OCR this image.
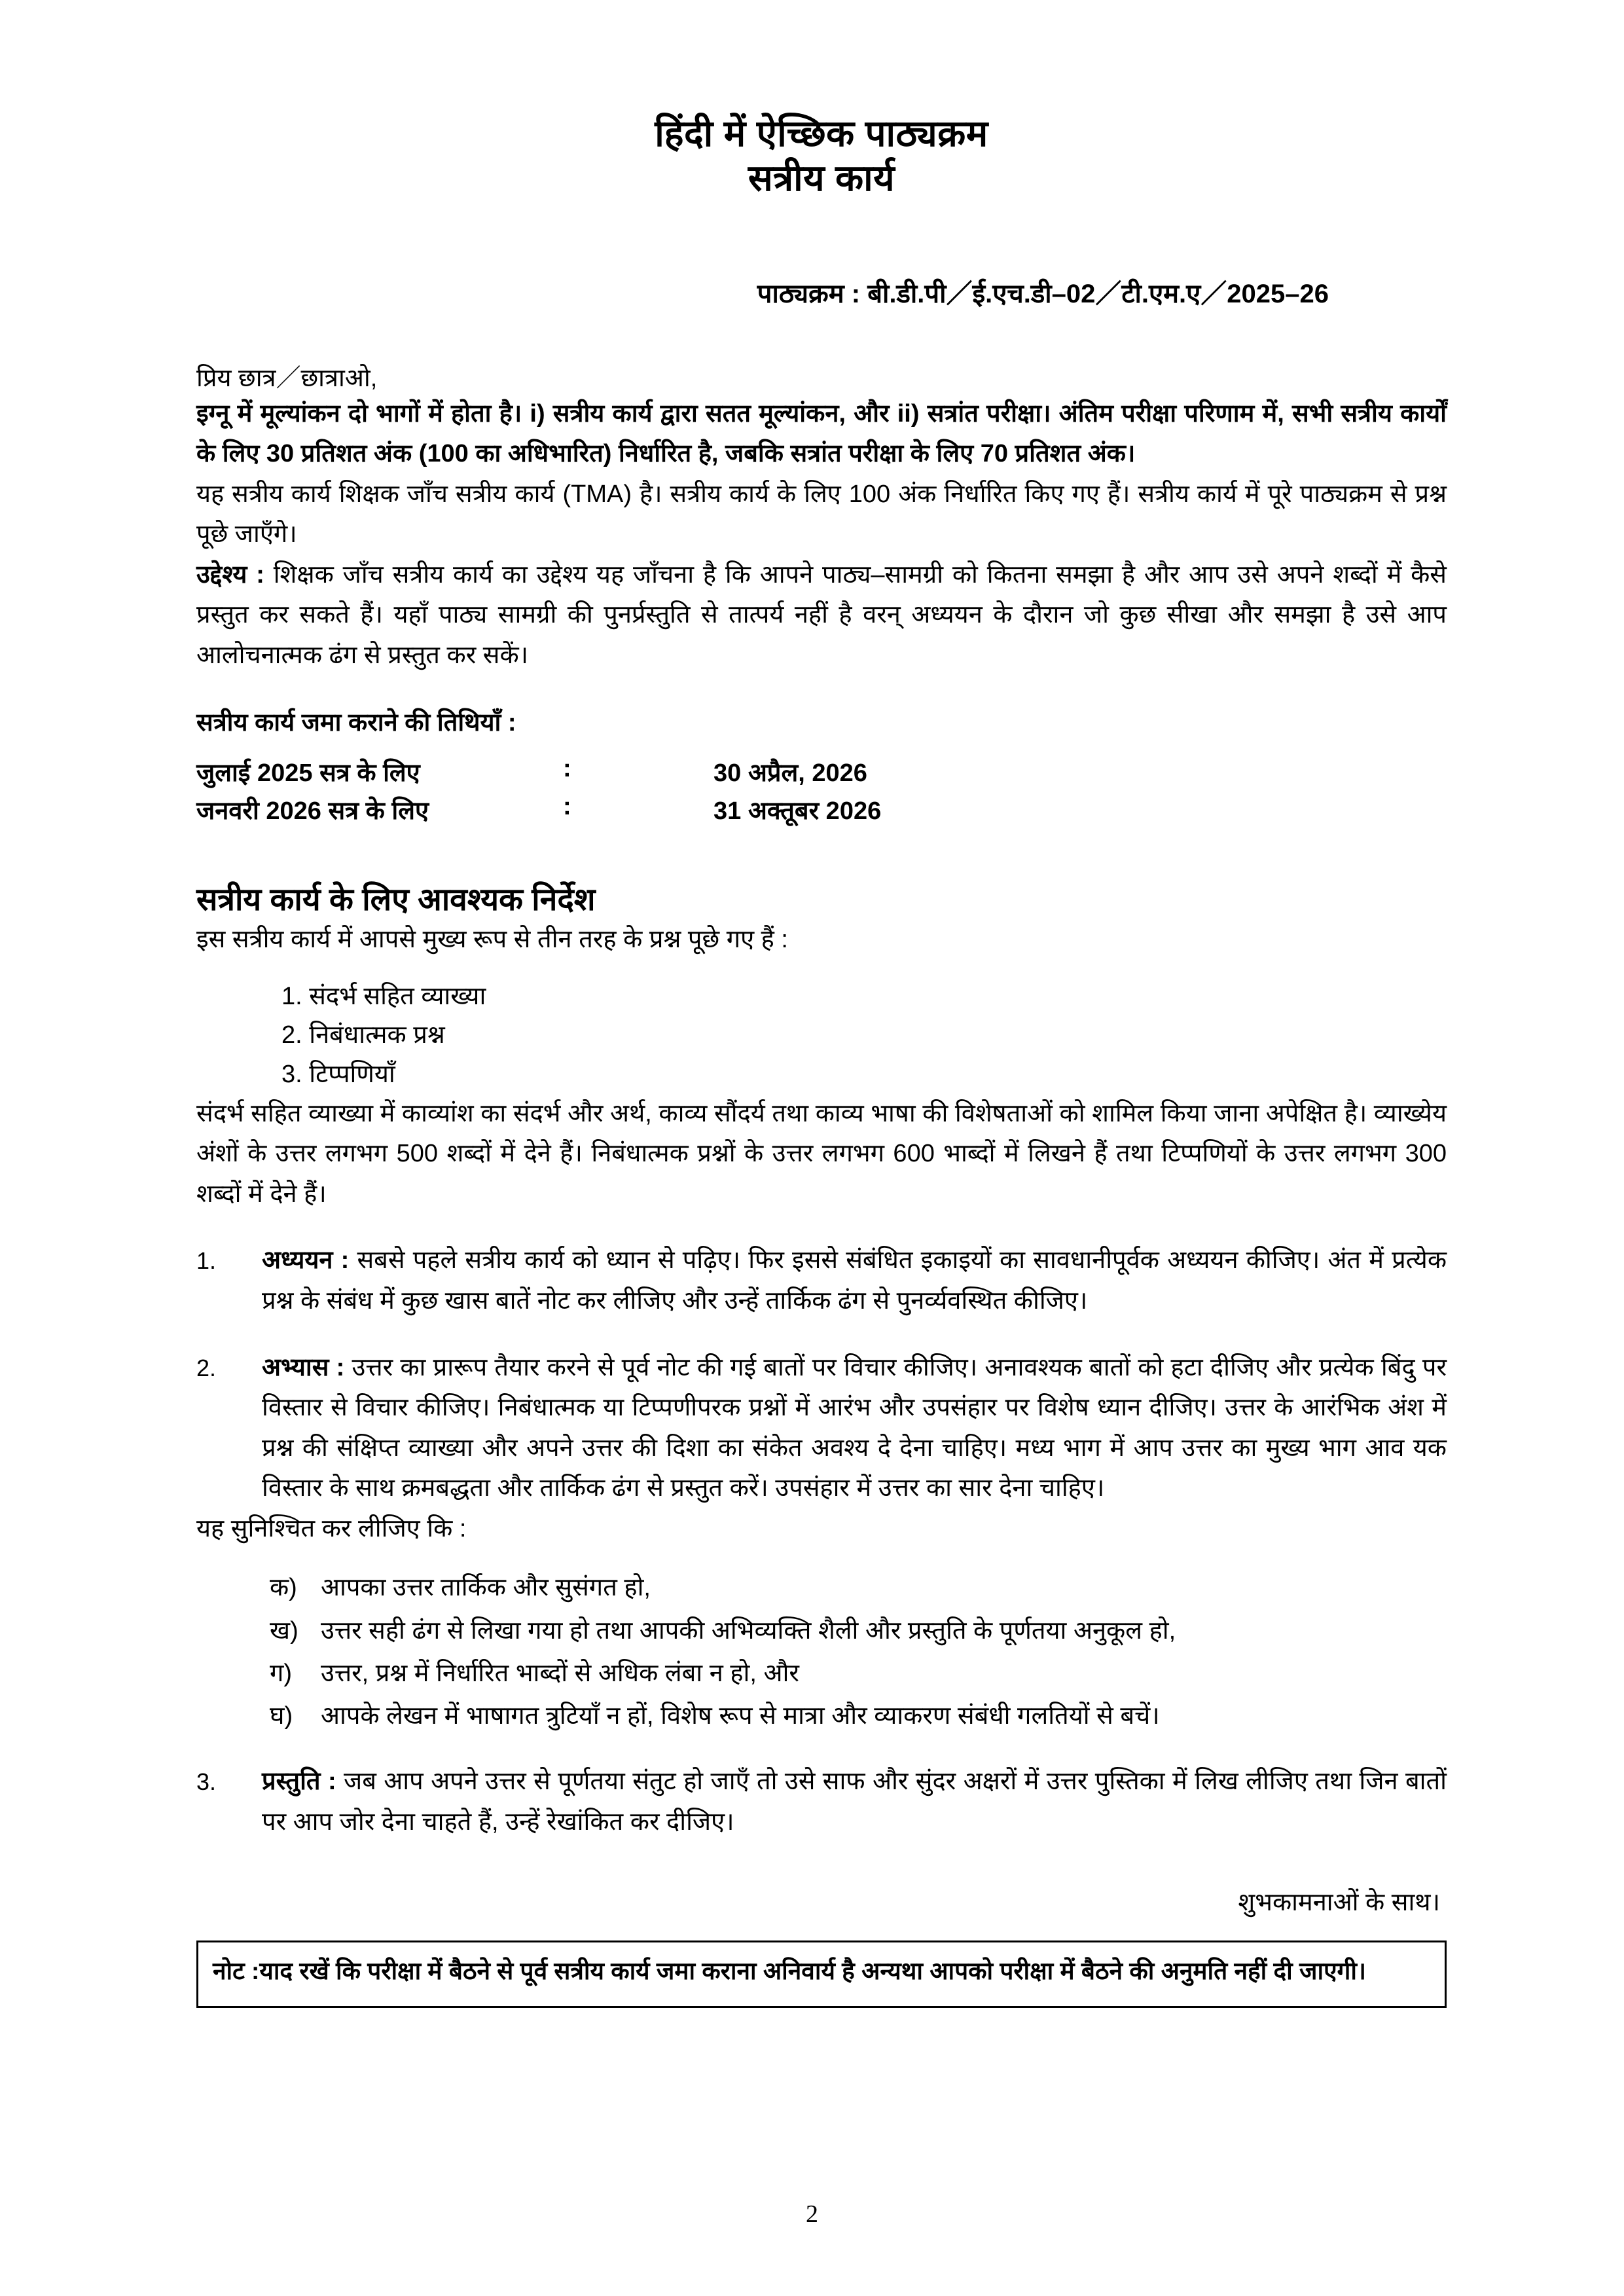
हिंदी में ऐच्छिक पाठ्यक्रम
सत्रीय कार्य
पाठ्यक्रम : बी.डी.पी／ई.एच.डी–02／टी.एम.ए／2025–26
प्रिय छात्र／छात्राओ,

इग्नू में मूल्यांकन दो भागों में होता है। i) सत्रीय कार्य द्वारा सतत मूल्यांकन, और ii) सत्रांत परीक्षा। अंतिम परीक्षा परिणाम में, सभी सत्रीय कार्यों के लिए 30 प्रतिशत अंक (100 का अधिभारित) निर्धारित है, जबकि सत्रांत परीक्षा के लिए 70 प्रतिशत अंक।

यह सत्रीय कार्य शिक्षक जाँच सत्रीय कार्य (TMA) है। सत्रीय कार्य के लिए 100 अंक निर्धारित किए गए हैं। सत्रीय कार्य में पूरे पाठ्यक्रम से प्रश्न पूछे जाएँगे।

उद्देश्य : शिक्षक जाँच सत्रीय कार्य का उद्देश्य यह जाँचना है कि आपने पाठ्य–सामग्री को कितना समझा है और आप उसे अपने शब्दों में कैसे प्रस्तुत कर सकते हैं। यहाँ पाठ्य सामग्री की पुनर्प्रस्तुति से तात्पर्य नहीं है वरन् अध्ययन के दौरान जो कुछ सीखा और समझा है उसे आप आलोचनात्मक ढंग से प्रस्तुत कर सकें।

सत्रीय कार्य जमा कराने की तिथियाँ :
जुलाई 2025 सत्र के लिए	:	30 अप्रैल, 2026
जनवरी 2026 सत्र के लिए	:	31 अक्तूबर 2026
सत्रीय कार्य के लिए आवश्यक निर्देश

इस सत्रीय कार्य में आपसे मुख्य रूप से तीन तरह के प्रश्न पूछे गए हैं :

1. संदर्भ सहित व्याख्या
2. निबंधात्मक प्रश्न
3. टिप्पणियाँ

संदर्भ सहित व्याख्या में काव्यांश का संदर्भ और अर्थ, काव्य सौंदर्य तथा काव्य भाषा की विशेषताओं को शामिल किया जाना अपेक्षित है। व्याख्येय अंशों के उत्तर लगभग 500 शब्दों में देने हैं। निबंधात्मक प्रश्नों के उत्तर लगभग 600 भाब्दों में लिखने हैं तथा टिप्पणियों के उत्तर लगभग 300 शब्दों में देने हैं।

1.	अध्ययन : सबसे पहले सत्रीय कार्य को ध्यान से पढ़िए। फिर इससे संबंधित इकाइयों का सावधानीपूर्वक अध्ययन कीजिए। अंत में प्रत्येक प्रश्न के संबंध में कुछ खास बातें नोट कर लीजिए और उन्हें तार्किक ढंग से पुनर्व्यवस्थित कीजिए।
2.	अभ्यास : उत्तर का प्रारूप तैयार करने से पूर्व नोट की गई बातों पर विचार कीजिए। अनावश्यक बातों को हटा दीजिए और प्रत्येक बिंदु पर विस्तार से विचार कीजिए। निबंधात्मक या टिप्पणीपरक प्रश्नों में आरंभ और उपसंहार पर विशेष ध्यान दीजिए। उत्तर के आरंभिक अंश में प्रश्न की संक्षिप्त व्याख्या और अपने उत्तर की दिशा का संकेत अवश्य दे देना चाहिए। मध्य भाग में आप उत्तर का मुख्य भाग आव यक विस्तार के साथ क्रमबद्धता और तार्किक ढंग से प्रस्तुत करें। उपसंहार में उत्तर का सार देना चाहिए।

यह सुनिश्चित कर लीजिए कि :

क) आपका उत्तर तार्किक और सुसंगत हो,
ख) उत्तर सही ढंग से लिखा गया हो तथा आपकी अभिव्यक्ति शैली और प्रस्तुति के पूर्णतया अनुकूल हो,
ग)	उत्तर, प्रश्न में निर्धारित भाब्दों से अधिक लंबा न हो, और
घ)	आपके लेखन में भाषागत त्रुटियाँ न हों, विशेष रूप से मात्रा और व्याकरण संबंधी गलतियों से बचें।
3.	प्रस्तुति : जब आप अपने उत्तर से पूर्णतया संतुट हो जाएँ तो उसे साफ और सुंदर अक्षरों में उत्तर पुस्तिका में लिख लीजिए तथा जिन बातों पर आप जोर देना चाहते हैं, उन्हें रेखांकित कर दीजिए।
शुभकामनाओं के साथ।
नोट : याद रखें कि परीक्षा में बैठने से पूर्व सत्रीय कार्य जमा कराना अनिवार्य है अन्यथा आपको परीक्षा में बैठने की अनुमति नहीं दी जाएगी।
2
